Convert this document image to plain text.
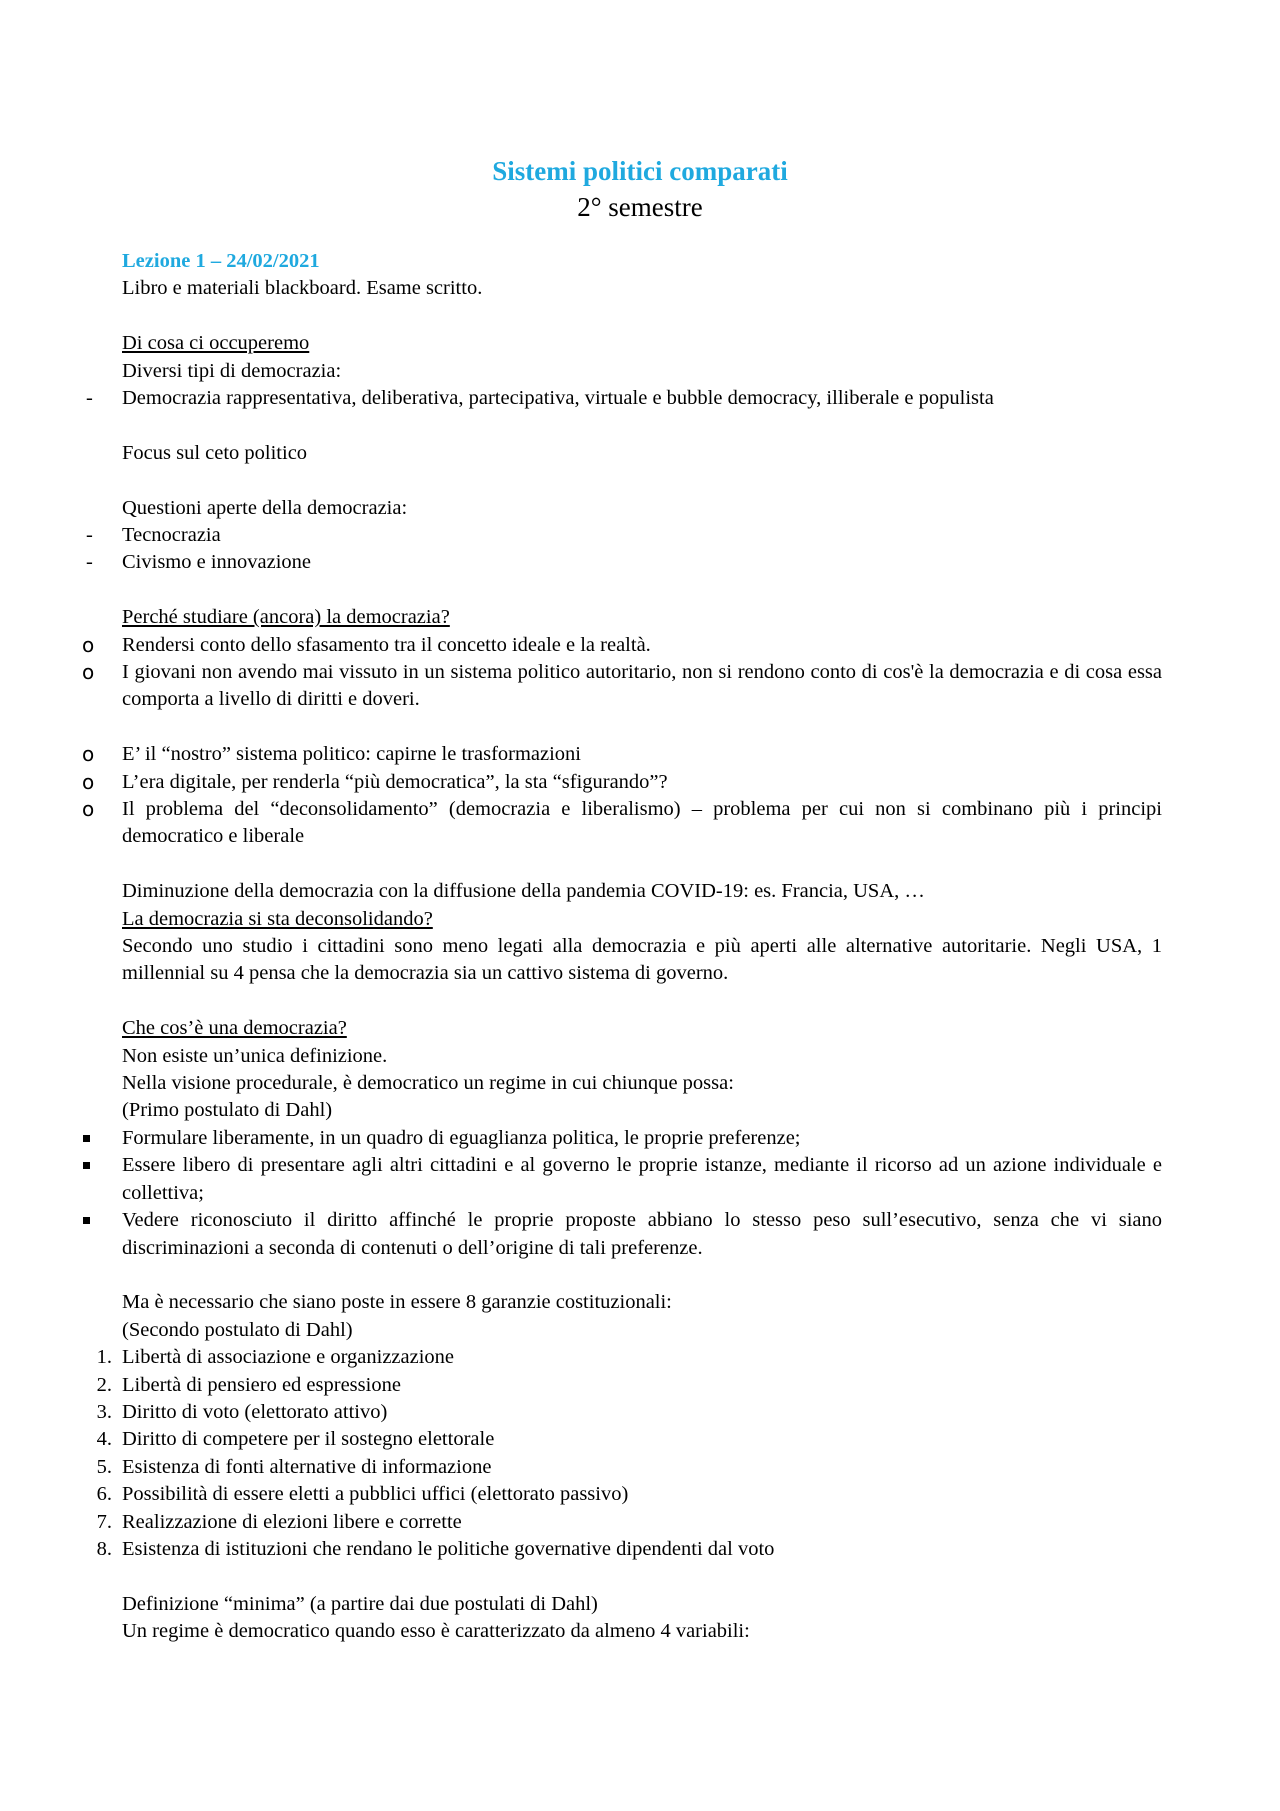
Sistemi politici comparati
2° semestre
Lezione 1 – 24/02/2021
Libro e materiali blackboard. Esame scritto.
Di cosa ci occuperemo
Diversi tipi di democrazia:
-	Democrazia rappresentativa, deliberativa, partecipativa, virtuale e bubble democracy, illiberale e populista
Focus sul ceto politico
Questioni aperte della democrazia:
-	Tecnocrazia
-	Civismo e innovazione
Perché studiare (ancora) la democrazia?
o	Rendersi conto dello sfasamento tra il concetto ideale e la realtà.
o	I giovani non avendo mai vissuto in un sistema politico autoritario, non si rendono conto di cos'è la democrazia e di cosa essa comporta a livello di diritti e doveri.
o	E’ il “nostro” sistema politico: capirne le trasformazioni
o	L’era digitale, per renderla “più democratica”, la sta “sfigurando”?
o	Il problema del “deconsolidamento” (democrazia e liberalismo) – problema per cui non si combinano più i principi democratico e liberale
Diminuzione della democrazia con la diffusione della pandemia COVID-19: es. Francia, USA, …
La democrazia si sta deconsolidando?
Secondo uno studio i cittadini sono meno legati alla democrazia e più aperti alle alternative autoritarie. Negli USA, 1 millennial su 4 pensa che la democrazia sia un cattivo sistema di governo.
Che cos’è una democrazia?
Non esiste un’unica definizione.
Nella visione procedurale, è democratico un regime in cui chiunque possa:
(Primo postulato di Dahl)
Formulare liberamente, in un quadro di eguaglianza politica, le proprie preferenze;
Essere libero di presentare agli altri cittadini e al governo le proprie istanze, mediante il ricorso ad un azione individuale e collettiva;
Vedere riconosciuto il diritto affinché le proprie proposte abbiano lo stesso peso sull’esecutivo, senza che vi siano discriminazioni a seconda di contenuti o dell’origine di tali preferenze.
Ma è necessario che siano poste in essere 8 garanzie costituzionali:
(Secondo postulato di Dahl)
1. Libertà di associazione e organizzazione
2. Libertà di pensiero ed espressione
3. Diritto di voto (elettorato attivo)
4. Diritto di competere per il sostegno elettorale
5. Esistenza di fonti alternative di informazione
6. Possibilità di essere eletti a pubblici uffici (elettorato passivo)
7. Realizzazione di elezioni libere e corrette
8. Esistenza di istituzioni che rendano le politiche governative dipendenti dal voto
Definizione “minima” (a partire dai due postulati di Dahl)
Un regime è democratico quando esso è caratterizzato da almeno 4 variabili:
